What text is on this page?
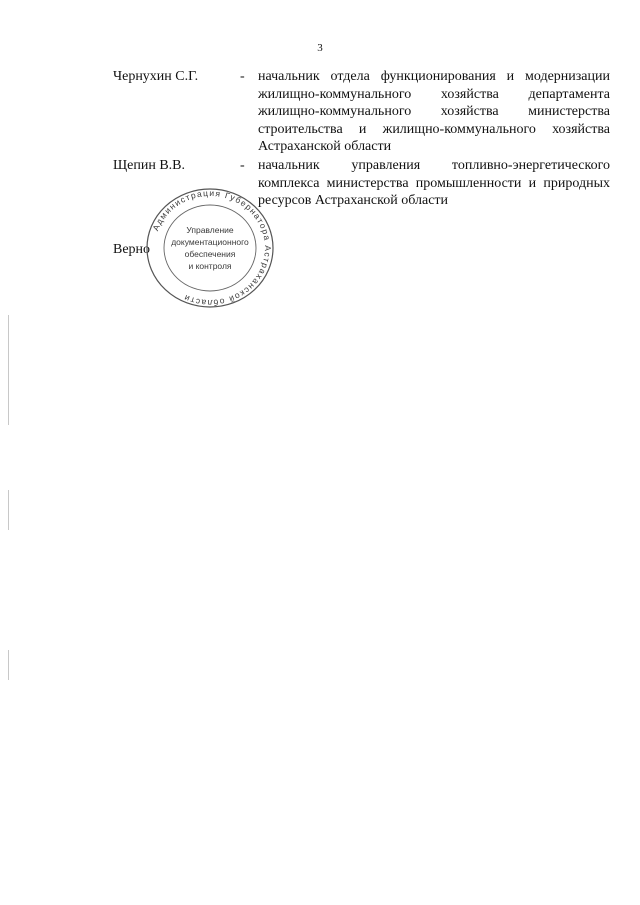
3
Чернухин С.Г.	- начальник отдела функционирования и модернизации жилищно-коммунального хозяйства департамента жилищно-коммунального хозяйства министерства строительства и жилищно-коммунального хозяйства Астраханской области
Щепин В.В.	- начальник управления топливно-энергетического комплекса министерства промышленности и природных ресурсов Астраханской области
Верно
Администрация Губернатора Астраханской области
Управление
документационного
обеспечения
и контроля
